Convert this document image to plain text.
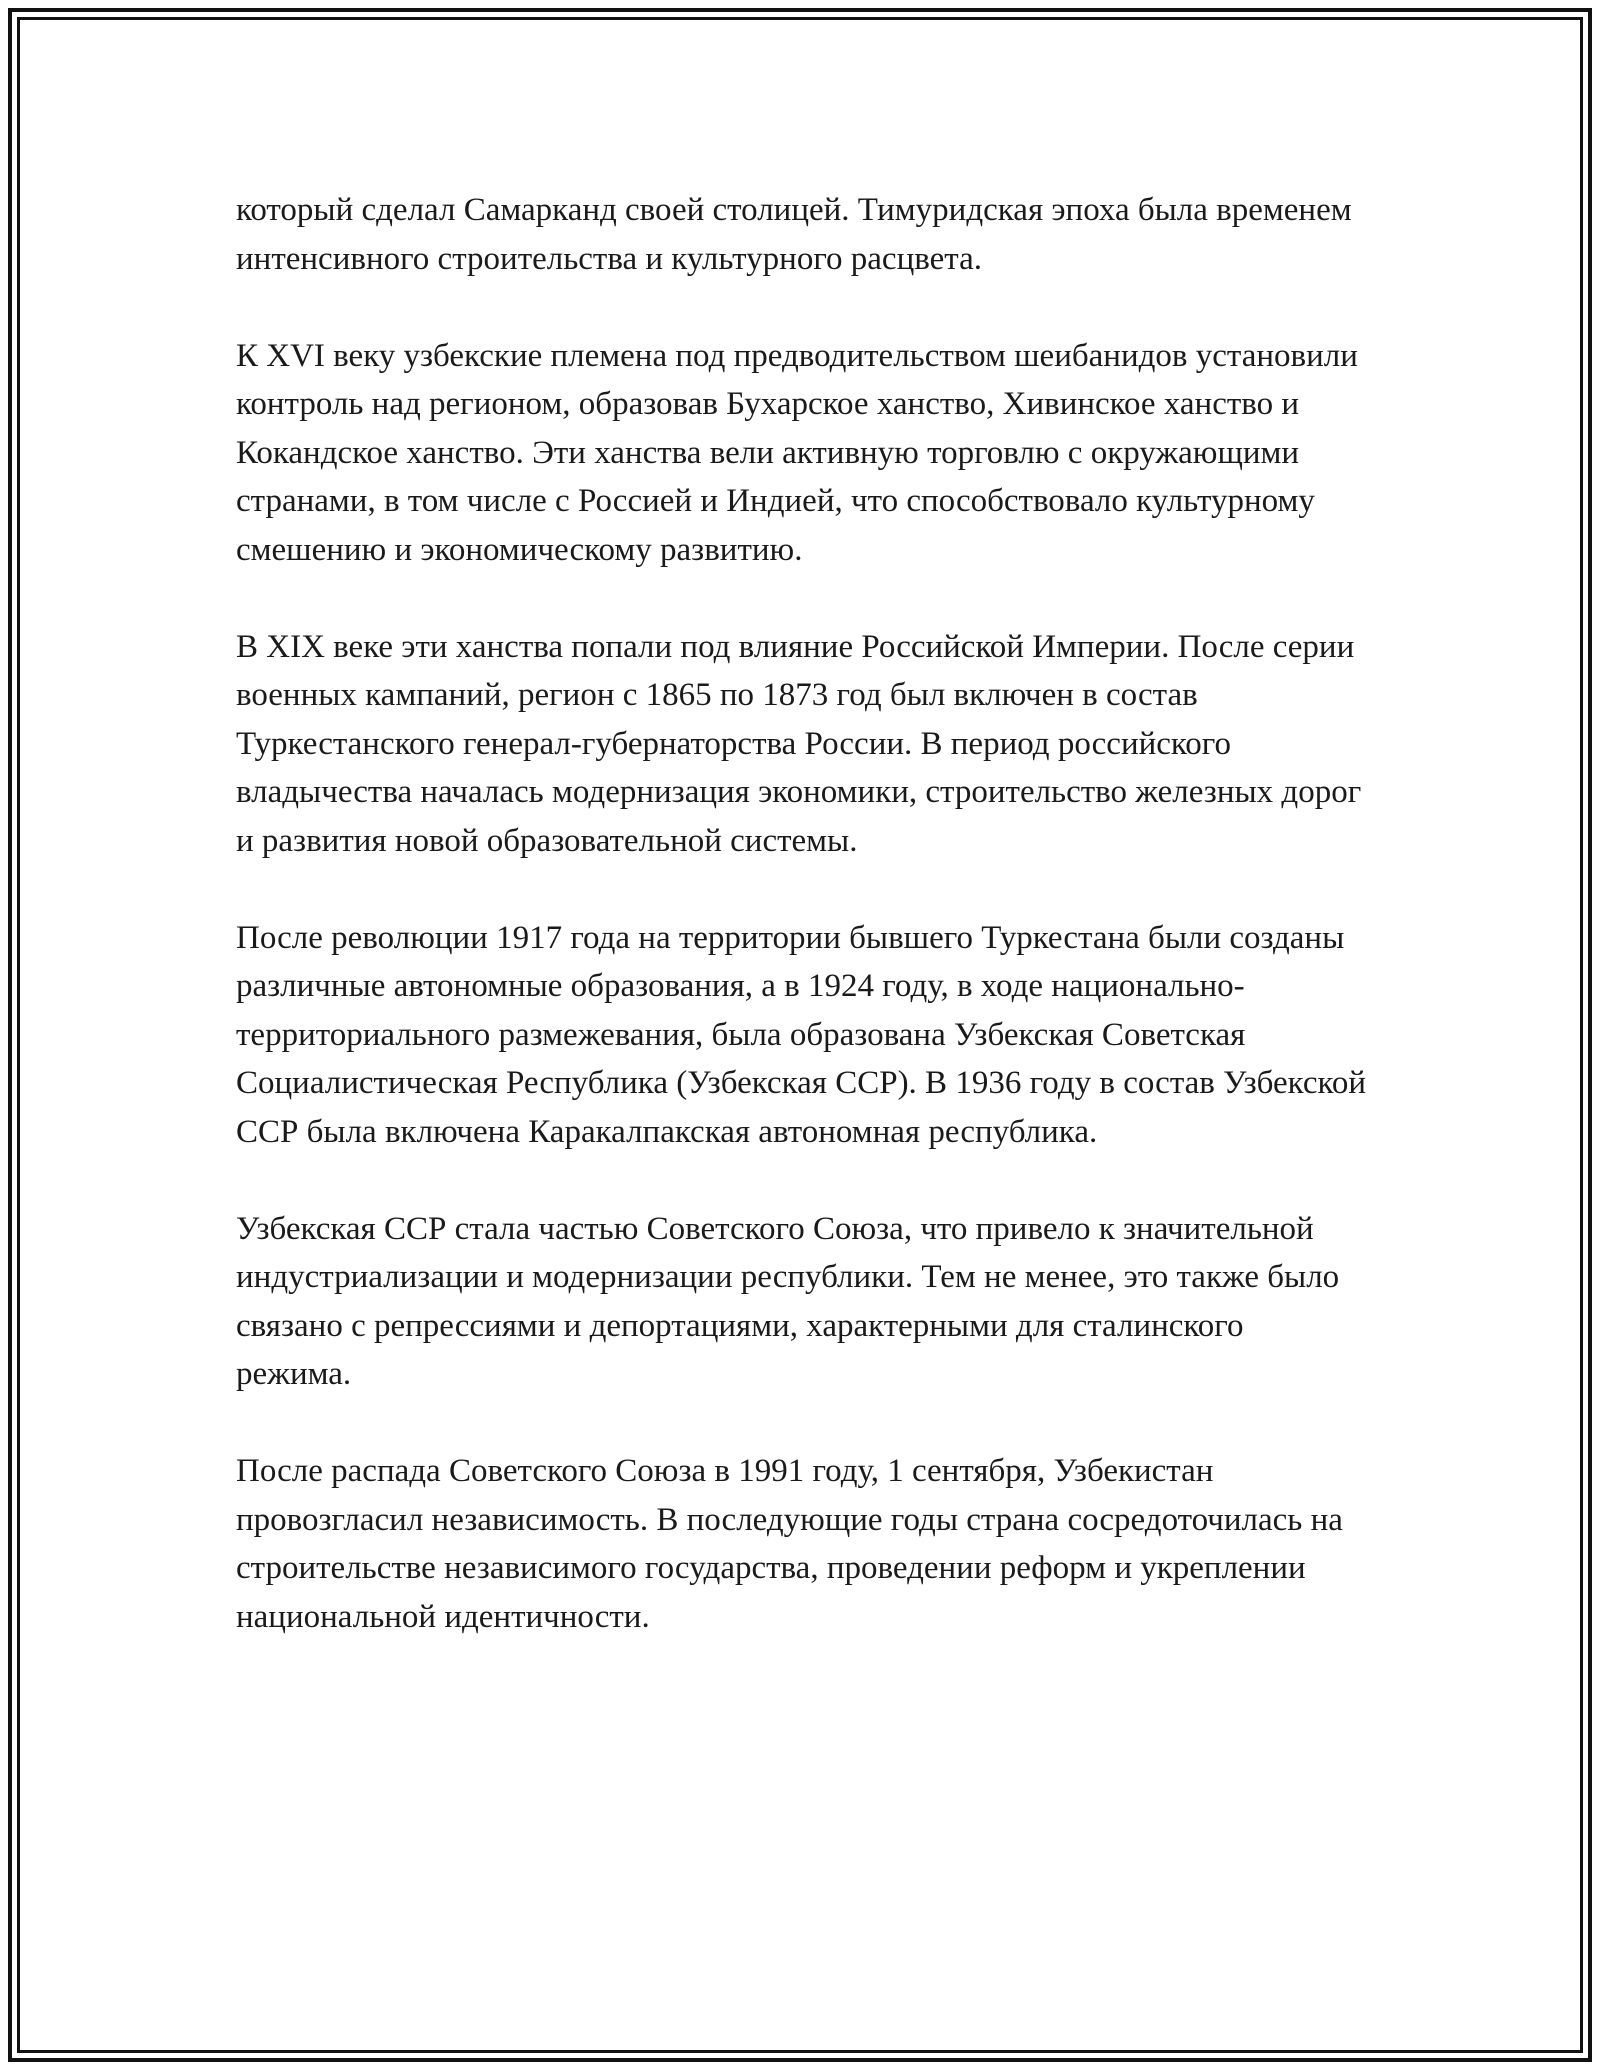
который сделал Самарканд своей столицей. Тимуридская эпоха была временем интенсивного строительства и культурного расцвета.

К XVI веку узбекские племена под предводительством шеибанидов установили контроль над регионом, образовав Бухарское ханство, Хивинское ханство и Кокандское ханство. Эти ханства вели активную торговлю с окружающими странами, в том числе с Россией и Индией, что способствовало культурному смешению и экономическому развитию.

В XIX веке эти ханства попали под влияние Российской Империи. После серии военных кампаний, регион с 1865 по 1873 год был включен в состав Туркестанского генерал-губернаторства России. В период российского владычества началась модернизация экономики, строительство железных дорог и развития новой образовательной системы.

После революции 1917 года на территории бывшего Туркестана были созданы различные автономные образования, а в 1924 году, в ходе национально-территориального размежевания, была образована Узбекская Советская Социалистическая Республика (Узбекская ССР). В 1936 году в состав Узбекской ССР была включена Каракалпакская автономная республика.

Узбекская ССР стала частью Советского Союза, что привело к значительной индустриализации и модернизации республики. Тем не менее, это также было связано с репрессиями и депортациями, характерными для сталинского режима.

После распада Советского Союза в 1991 году, 1 сентября, Узбекистан провозгласил независимость. В последующие годы страна сосредоточилась на строительстве независимого государства, проведении реформ и укреплении национальной идентичности.
